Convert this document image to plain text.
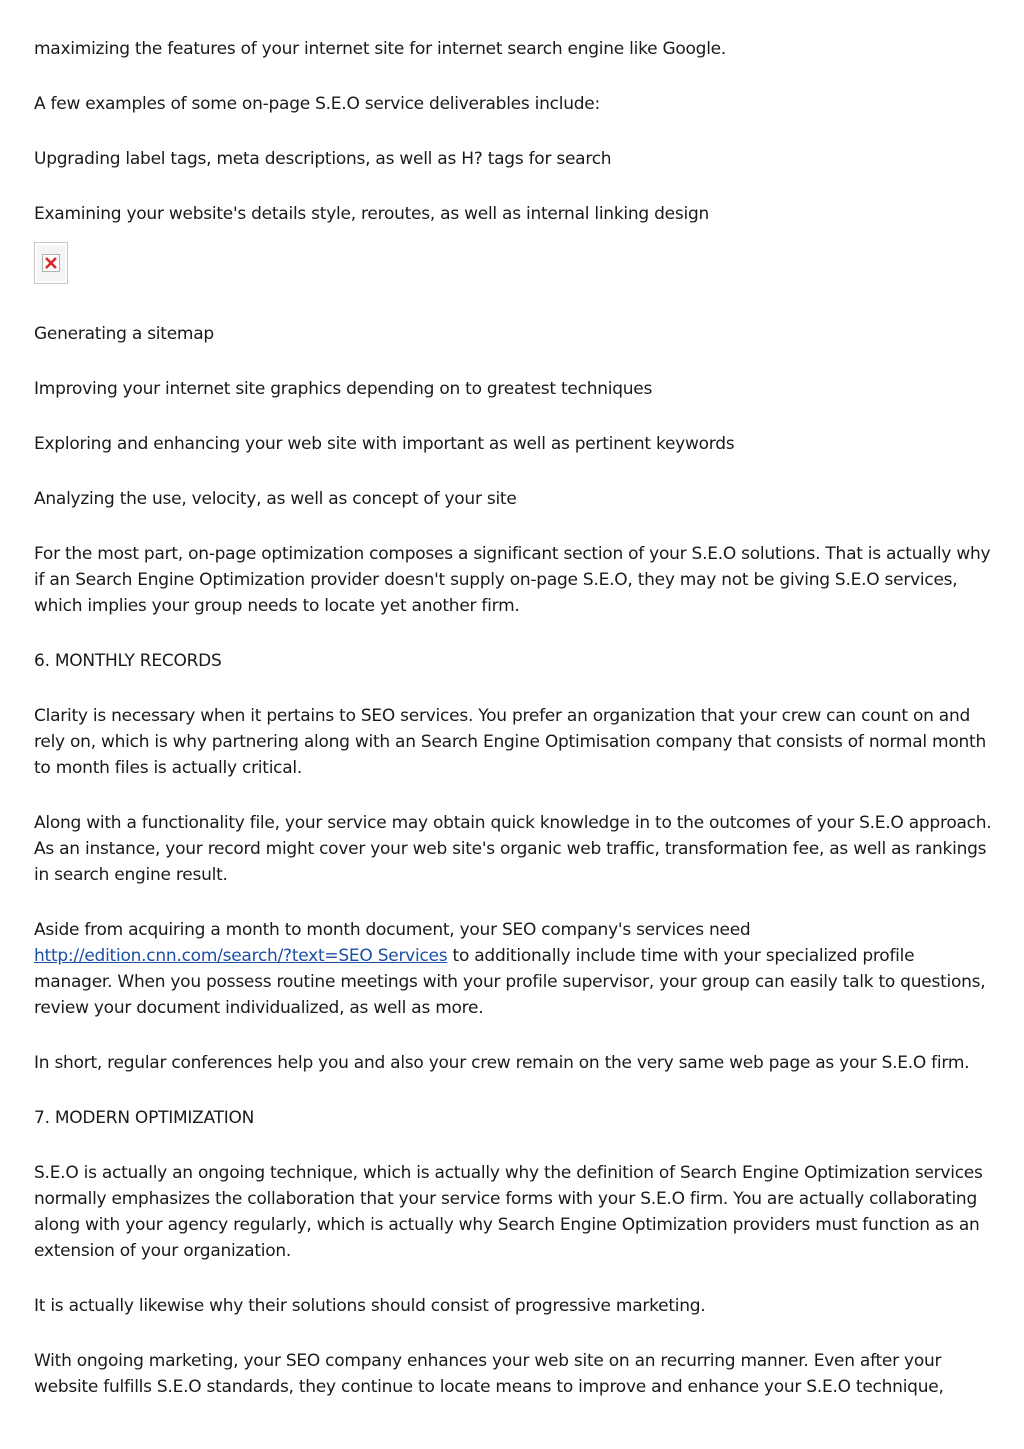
maximizing the features of your internet site for internet search engine like Google.

A few examples of some on-page S.E.O service deliverables include:

Upgrading label tags, meta descriptions, as well as H? tags for search

Examining your website's details style, reroutes, as well as internal linking design

Generating a sitemap

Improving your internet site graphics depending on to greatest techniques

Exploring and enhancing your web site with important as well as pertinent keywords

Analyzing the use, velocity, as well as concept of your site

For the most part, on-page optimization composes a significant section of your S.E.O solutions. That is actually why if an Search Engine Optimization provider doesn't supply on-page S.E.O, they may not be giving S.E.O services, which implies your group needs to locate yet another firm.

6. MONTHLY RECORDS

Clarity is necessary when it pertains to SEO services. You prefer an organization that your crew can count on and rely on, which is why partnering along with an Search Engine Optimisation company that consists of normal month to month files is actually critical.

Along with a functionality file, your service may obtain quick knowledge in to the outcomes of your S.E.O approach. As an instance, your record might cover your web site's organic web traffic, transformation fee, as well as rankings in search engine result.

Aside from acquiring a month to month document, your SEO company's services need http://edition.cnn.com/search/?text=SEO Services to additionally include time with your specialized profile manager. When you possess routine meetings with your profile supervisor, your group can easily talk to questions, review your document individualized, as well as more.

In short, regular conferences help you and also your crew remain on the very same web page as your S.E.O firm.

7. MODERN OPTIMIZATION

S.E.O is actually an ongoing technique, which is actually why the definition of Search Engine Optimization services normally emphasizes the collaboration that your service forms with your S.E.O firm. You are actually collaborating along with your agency regularly, which is actually why Search Engine Optimization providers must function as an extension of your organization.

It is actually likewise why their solutions should consist of progressive marketing.

With ongoing marketing, your SEO company enhances your web site on an recurring manner. Even after your website fulfills S.E.O standards, they continue to locate means to improve and enhance your S.E.O technique,
